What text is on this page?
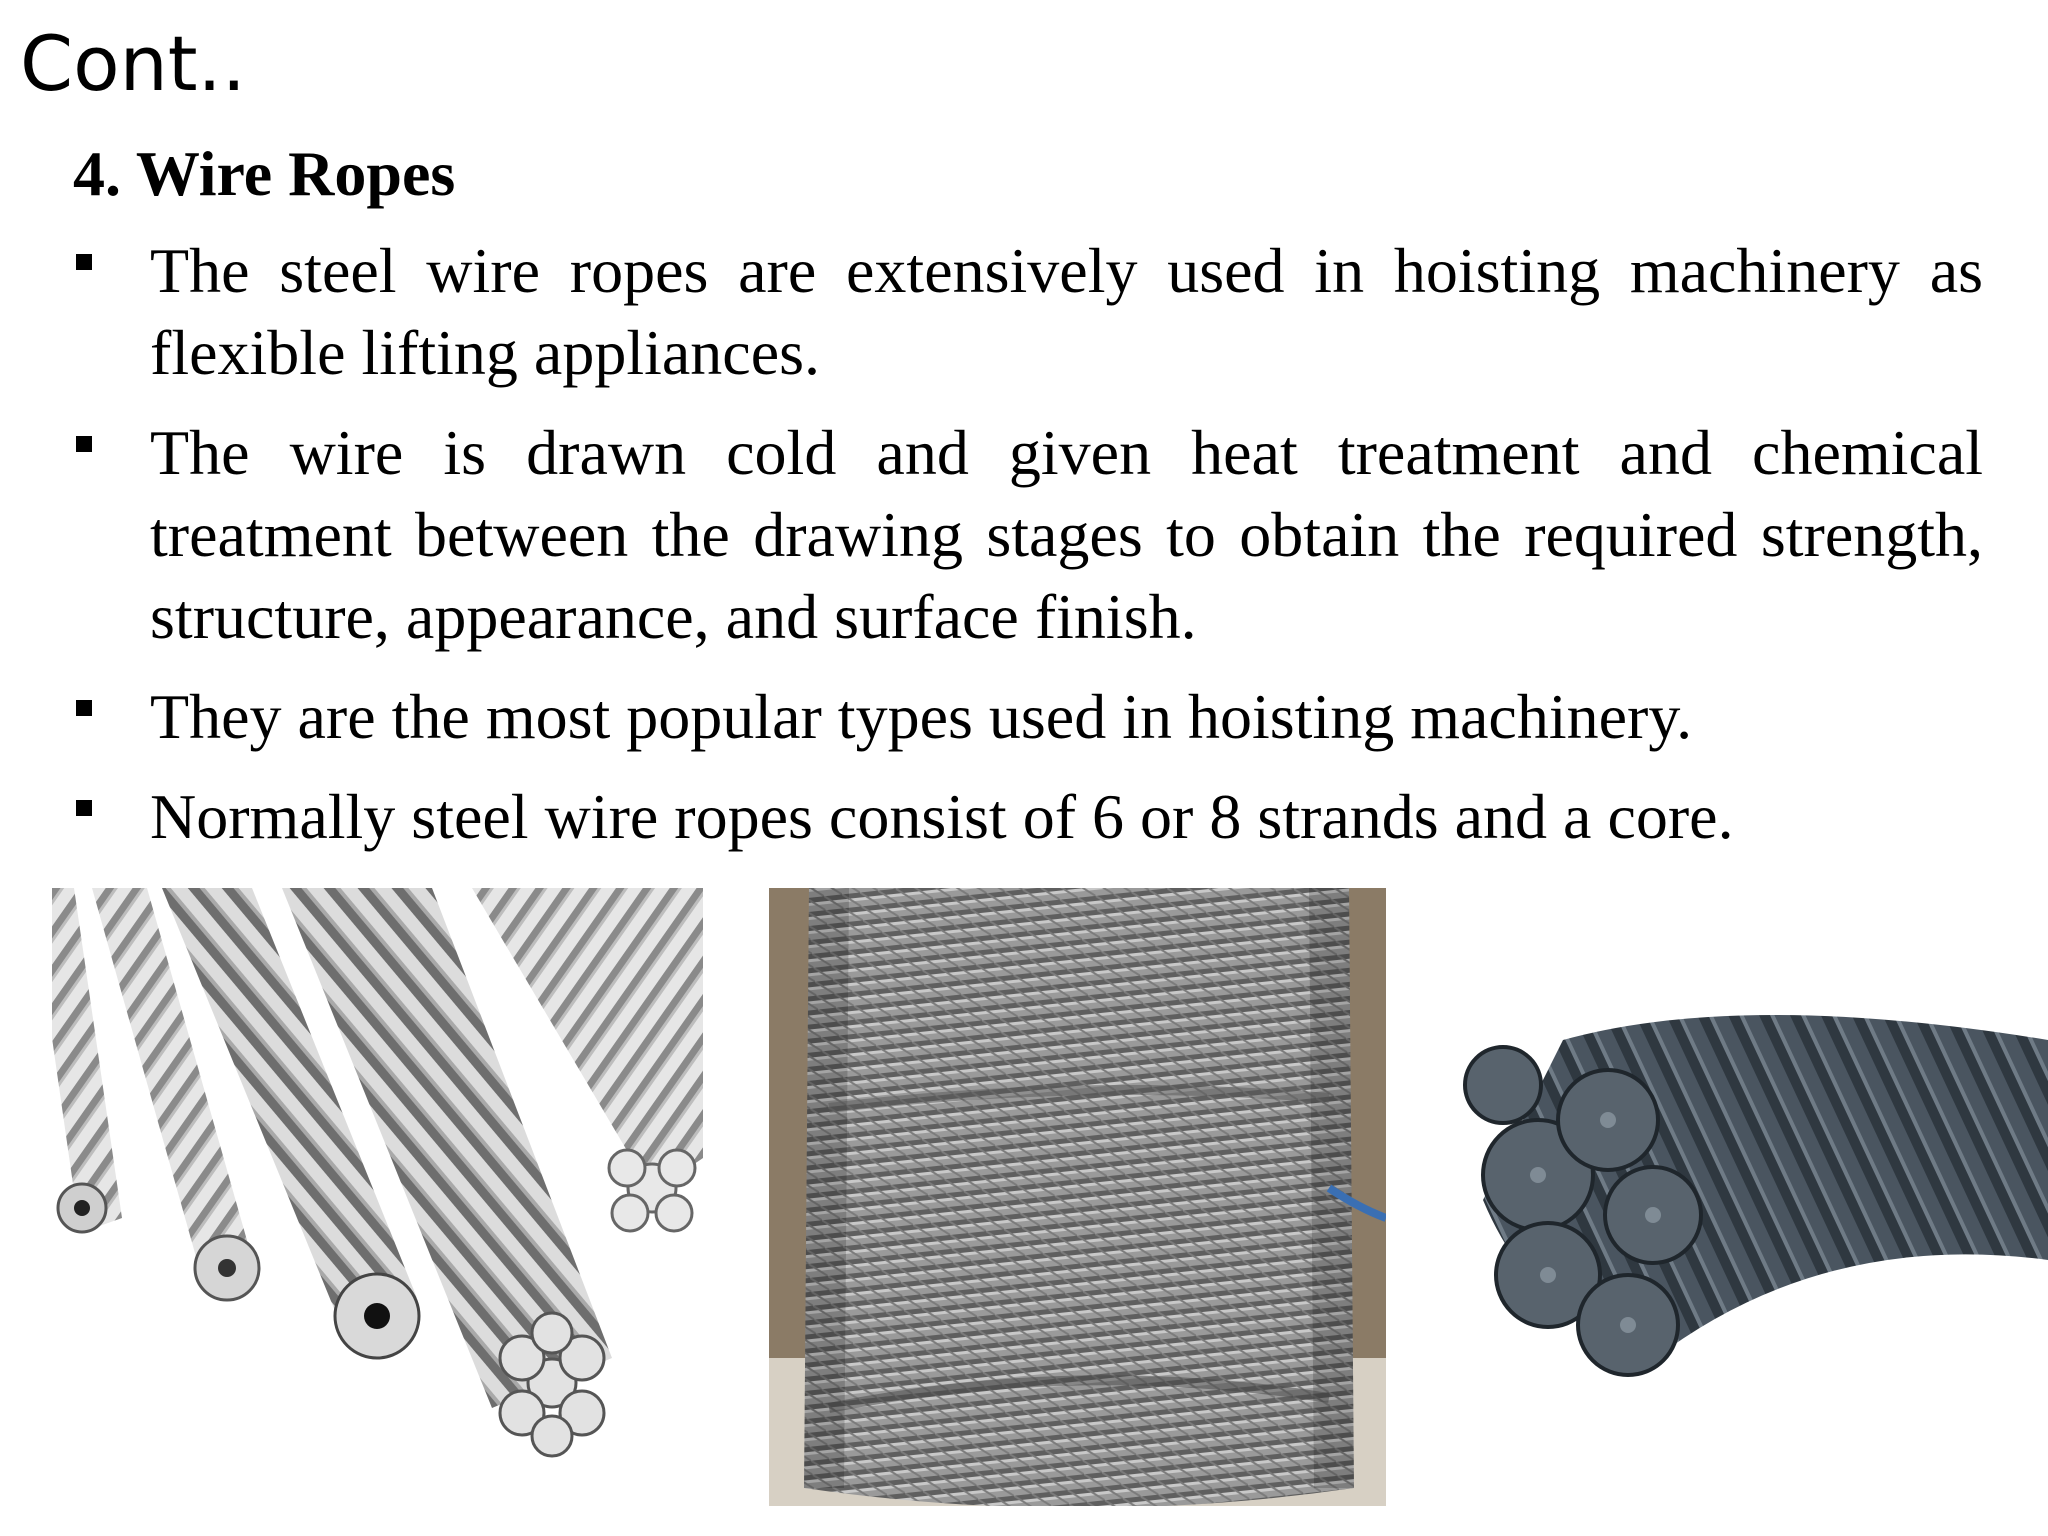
Cont..
4. Wire Ropes
The steel wire ropes are extensively used in hoisting machinery as flexible lifting appliances.
The wire is drawn cold and given heat treatment and chemical treatment between the drawing stages to obtain the required strength, structure, appearance, and surface finish.
They are the most popular types used in hoisting machinery.
Normally steel wire ropes consist of 6 or 8 strands and a core.
